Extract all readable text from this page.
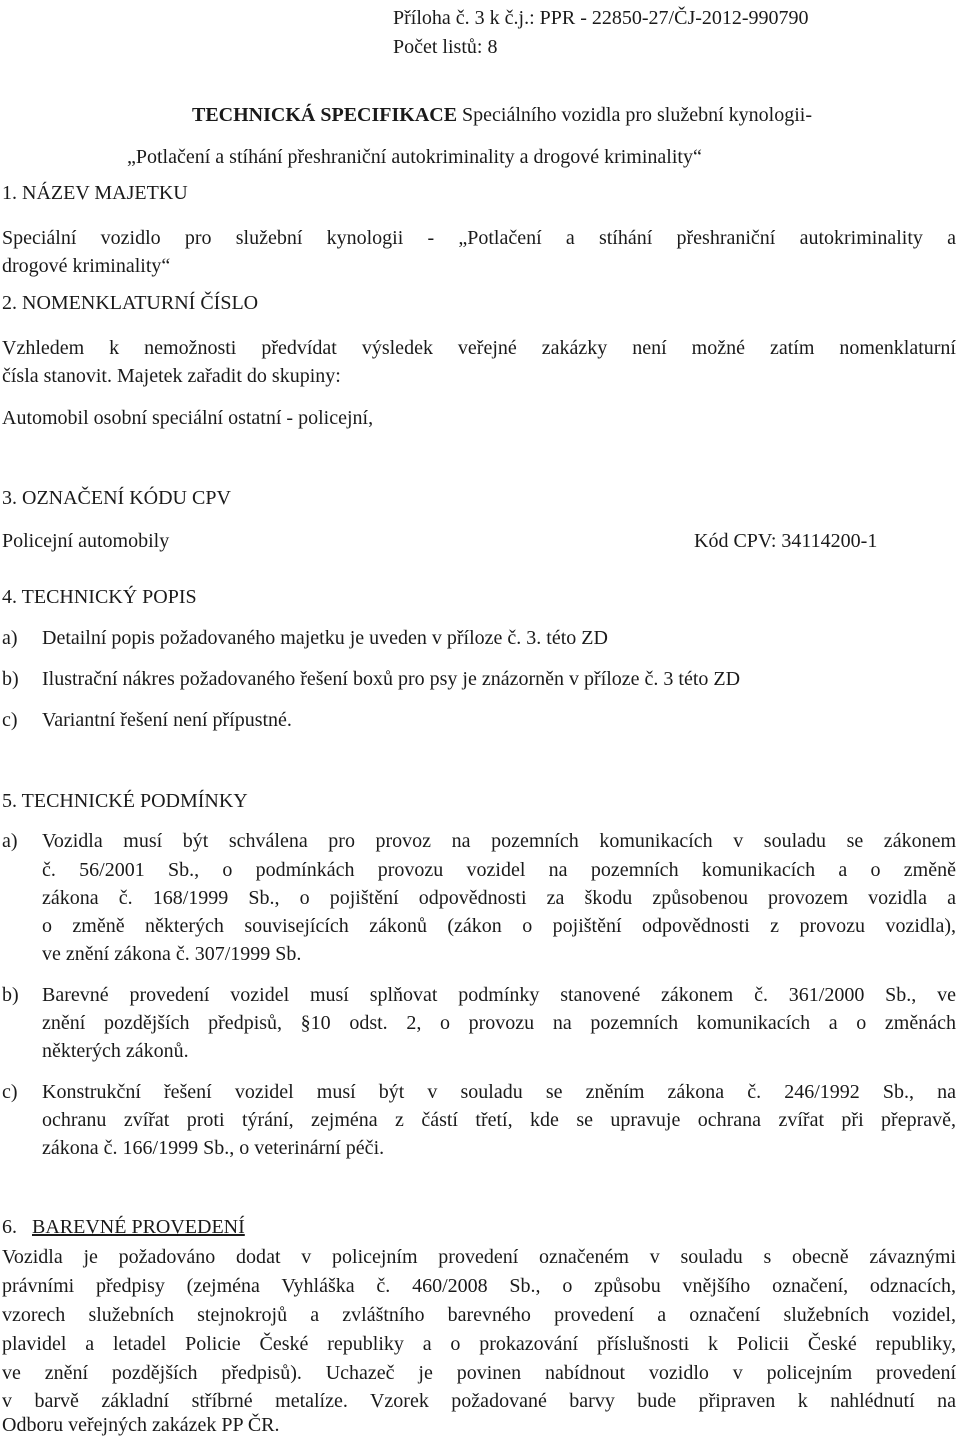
Příloha č. 3 k č.j.: PPR - 22850-27/ČJ-2012-990790
Počet listů: 8
TECHNICKÁ SPECIFIKACE Speciálního vozidla pro služební kynologii-
„Potlačení a stíhání přeshraniční autokriminality a drogové kriminality“
1. NÁZEV MAJETKU
Speciální vozidlo pro služební kynologii - „Potlačení a stíhání přeshraniční autokriminality a
drogové kriminality“
2. NOMENKLATURNÍ ČÍSLO
Vzhledem k nemožnosti předvídat výsledek veřejné zakázky není možné zatím nomenklaturní
čísla stanovit. Majetek zařadit do skupiny:
Automobil osobní speciální ostatní - policejní,
3. OZNAČENÍ KÓDU CPV
Policejní automobily	Kód CPV: 34114200-1
4. TECHNICKÝ POPIS
a) Detailní popis požadovaného majetku je uveden v příloze č. 3. této ZD
b) Ilustrační nákres požadovaného řešení boxů pro psy je znázorněn v příloze č. 3 této ZD
c) Variantní řešení není přípustné.
5. TECHNICKÉ PODMÍNKY
a) Vozidla musí být schválena pro provoz na pozemních komunikacích v souladu se zákonem
č. 56/2001 Sb., o podmínkách provozu vozidel na pozemních komunikacích a o změně
zákona č. 168/1999 Sb., o pojištění odpovědnosti za škodu způsobenou provozem vozidla a
o změně některých souvisejících zákonů (zákon o pojištění odpovědnosti z provozu vozidla),
ve znění zákona č. 307/1999 Sb.
b) Barevné provedení vozidel musí splňovat podmínky stanovené zákonem č. 361/2000 Sb., ve
znění pozdějších předpisů, §10 odst. 2, o provozu na pozemních komunikacích a o změnách
některých zákonů.
c) Konstrukční řešení vozidel musí být v souladu se zněním zákona č. 246/1992 Sb., na
ochranu zvířat proti týrání, zejména z částí třetí, kde se upravuje ochrana zvířat při přepravě,
zákona č. 166/1999 Sb., o veterinární péči.
6. BAREVNÉ PROVEDENÍ
Vozidla je požadováno dodat v policejním provedení označeném v souladu s obecně závaznými
právními předpisy (zejména Vyhláška č. 460/2008 Sb., o způsobu vnějšího označení, odznacích,
vzorech služebních stejnokrojů a zvláštního barevného provedení a označení služebních vozidel,
plavidel a letadel Policie České republiky a o prokazování příslušnosti k Policii České republiky,
ve znění pozdějších předpisů). Uchazeč je povinen nabídnout vozidlo v policejním provedení
v barvě základní stříbrné metalíze. Vzorek požadované barvy bude připraven k nahlédnutí na
Odboru veřejných zakázek PP ČR.
